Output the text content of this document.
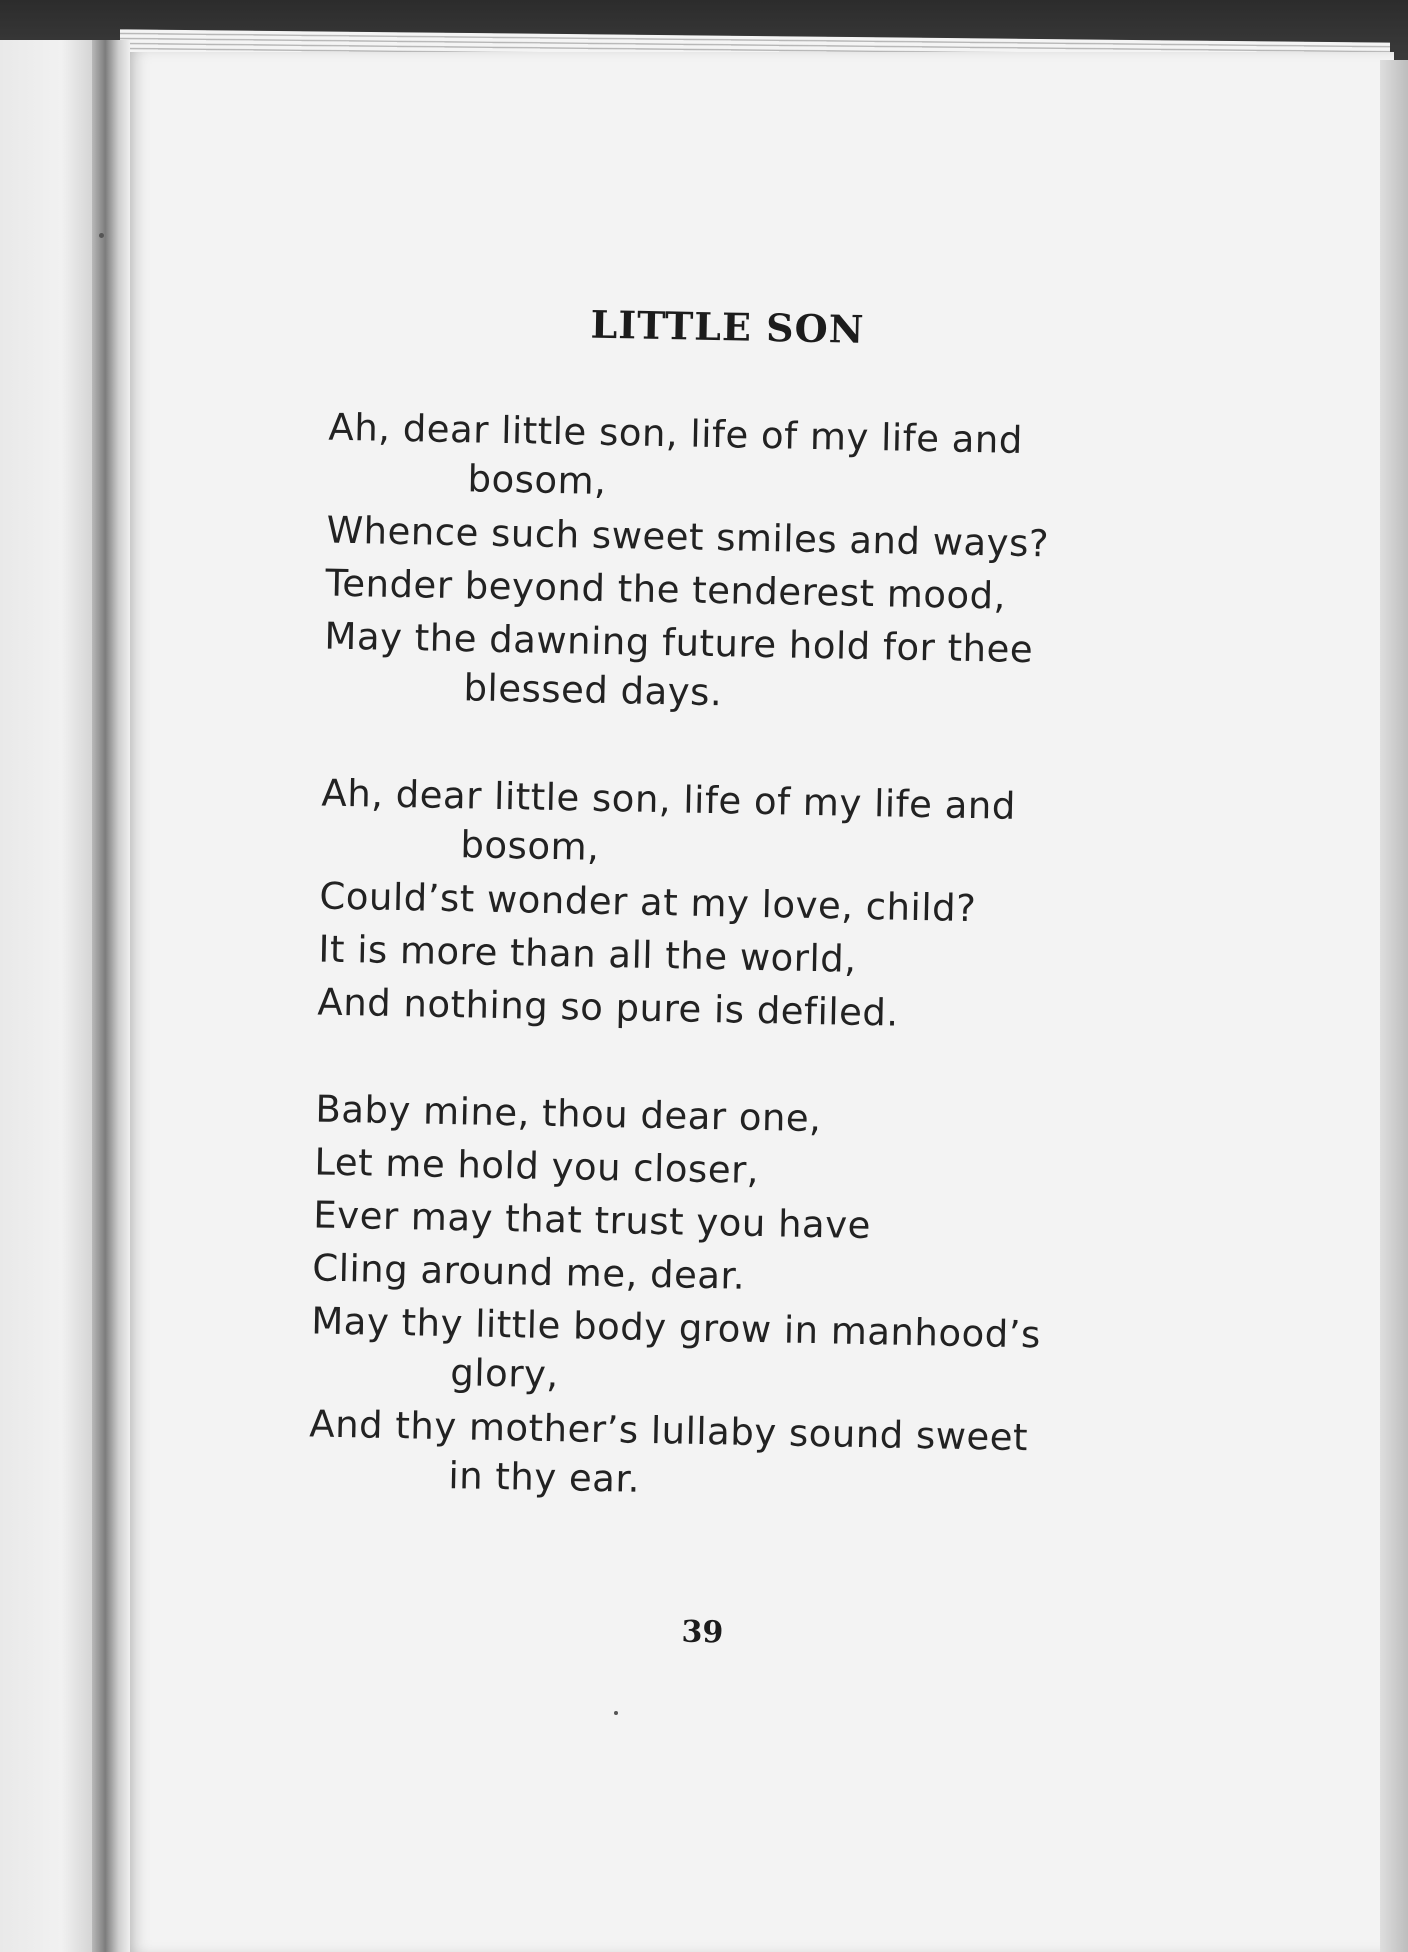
LITTLE SON
Ah, dear little son, life of my life and
bosom,
Whence such sweet smiles and ways?
Tender beyond the tenderest mood,
May the dawning future hold for thee
blessed days.
Ah, dear little son, life of my life and
bosom,
Could’st wonder at my love, child?
It is more than all the world,
And nothing so pure is defiled.
Baby mine, thou dear one,
Let me hold you closer,
Ever may that trust you have
Cling around me, dear.
May thy little body grow in manhood’s
glory,
And thy mother’s lullaby sound sweet
in thy ear.
39
